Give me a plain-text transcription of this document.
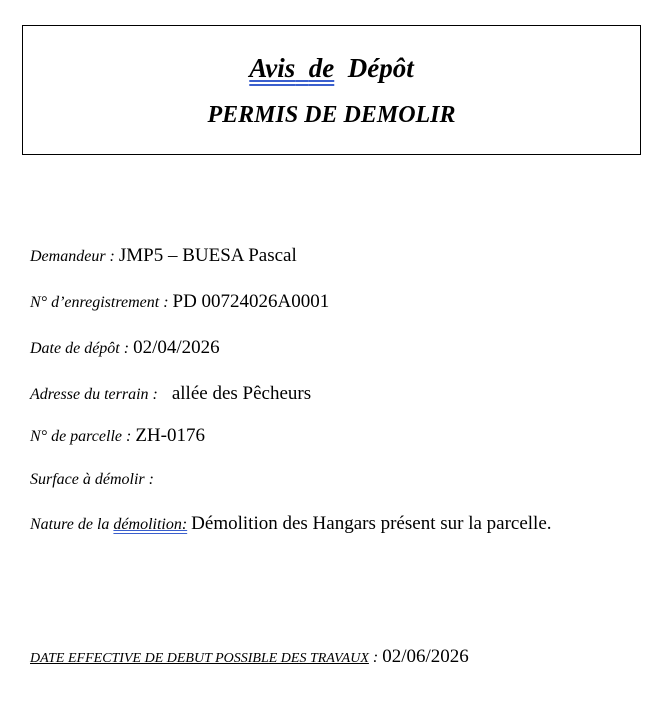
Avis de Dépôt
PERMIS DE DEMOLIR
Demandeur : JMP5 – BUESA Pascal
N° d’enregistrement : PD 00724026A0001
Date de dépôt : 02/04/2026
Adresse du terrain : allée des Pêcheurs
N° de parcelle : ZH-0176
Surface à démolir :
Nature de la démolition: Démolition des Hangars présent sur la parcelle.
DATE EFFECTIVE DE DEBUT POSSIBLE DES TRAVAUX : 02/06/2026
